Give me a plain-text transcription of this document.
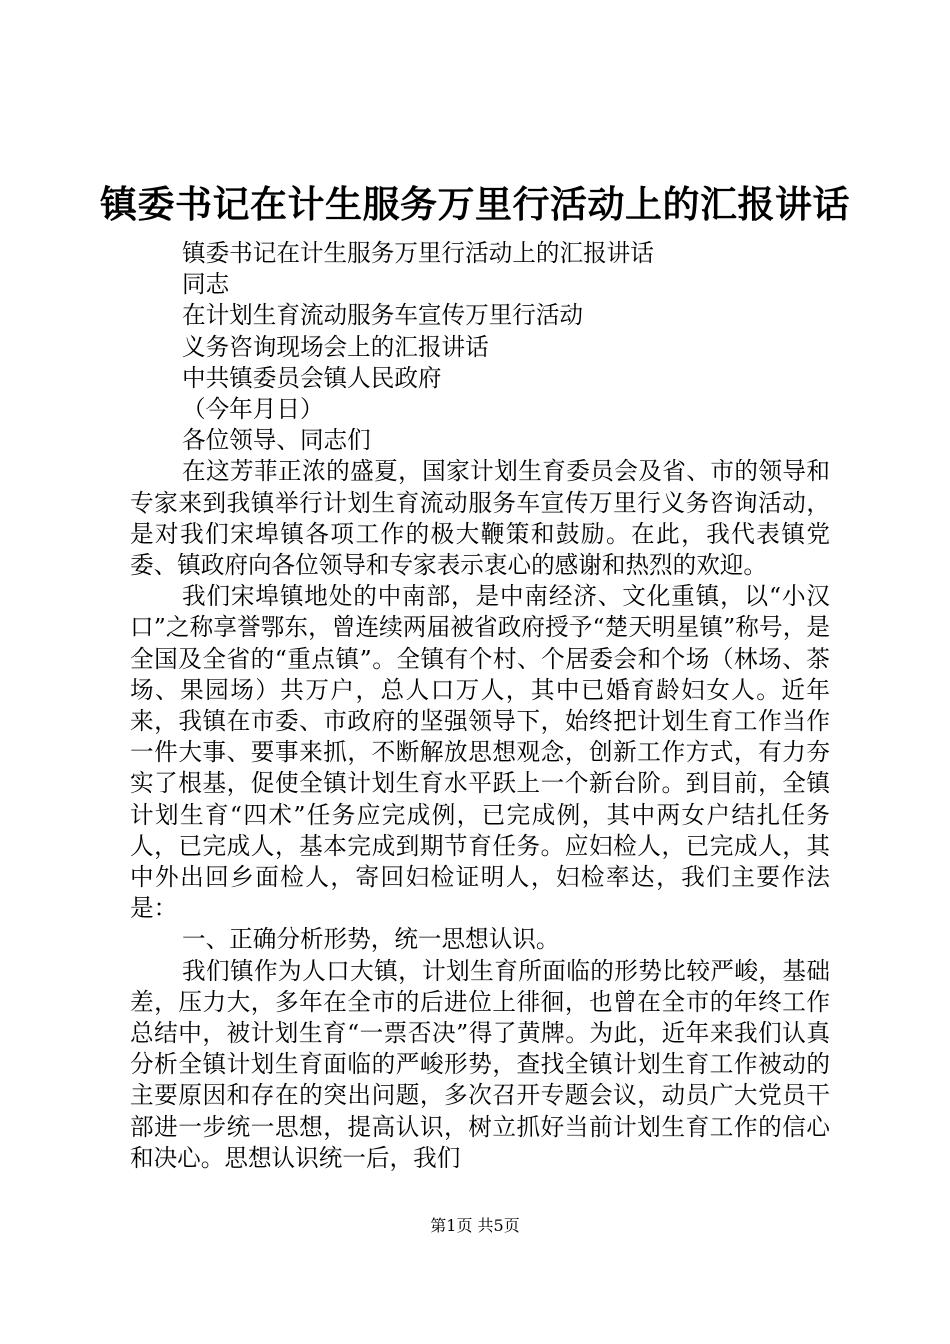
镇委书记在计生服务万里行活动上的汇报讲话
镇委书记在计生服务万里行活动上的汇报讲话
同志
在计划生育流动服务车宣传万里行活动
义务咨询现场会上的汇报讲话
中共镇委员会镇人民政府
（今年月日）
各位领导、同志们

在这芳菲正浓的盛夏，国家计划生育委员会及省、市的领导和专家来到我镇举行计划生育流动服务车宣传万里行义务咨询活动，是对我们宋埠镇各项工作的极大鞭策和鼓励。在此，我代表镇党委、镇政府向各位领导和专家表示衷心的感谢和热烈的欢迎。

我们宋埠镇地处的中南部，是中南经济、文化重镇，以“小汉口”之称享誉鄂东，曾连续两届被省政府授予“楚天明星镇”称号，是全国及全省的“重点镇”。全镇有个村、个居委会和个场（林场、茶场、果园场）共万户，总人口万人，其中已婚育龄妇女人。近年来，我镇在市委、市政府的坚强领导下，始终把计划生育工作当作一件大事、要事来抓，不断解放思想观念，创新工作方式，有力夯实了根基，促使全镇计划生育水平跃上一个新台阶。到目前，全镇计划生育“四术”任务应完成例，已完成例，其中两女户结扎任务人，已完成人，基本完成到期节育任务。应妇检人，已完成人，其中外出回乡面检人，寄回妇检证明人，妇检率达，我们主要作法是：

一、正确分析形势，统一思想认识。

我们镇作为人口大镇，计划生育所面临的形势比较严峻，基础差，压力大，多年在全市的后进位上徘徊，也曾在全市的年终工作总结中，被计划生育“一票否决”得了黄牌。为此，近年来我们认真分析全镇计划生育面临的严峻形势，查找全镇计划生育工作被动的主要原因和存在的突出问题，多次召开专题会议，动员广大党员干部进一步统一思想，提高认识，树立抓好当前计划生育工作的信心和决心。思想认识统一后，我们

第1页 共5页
